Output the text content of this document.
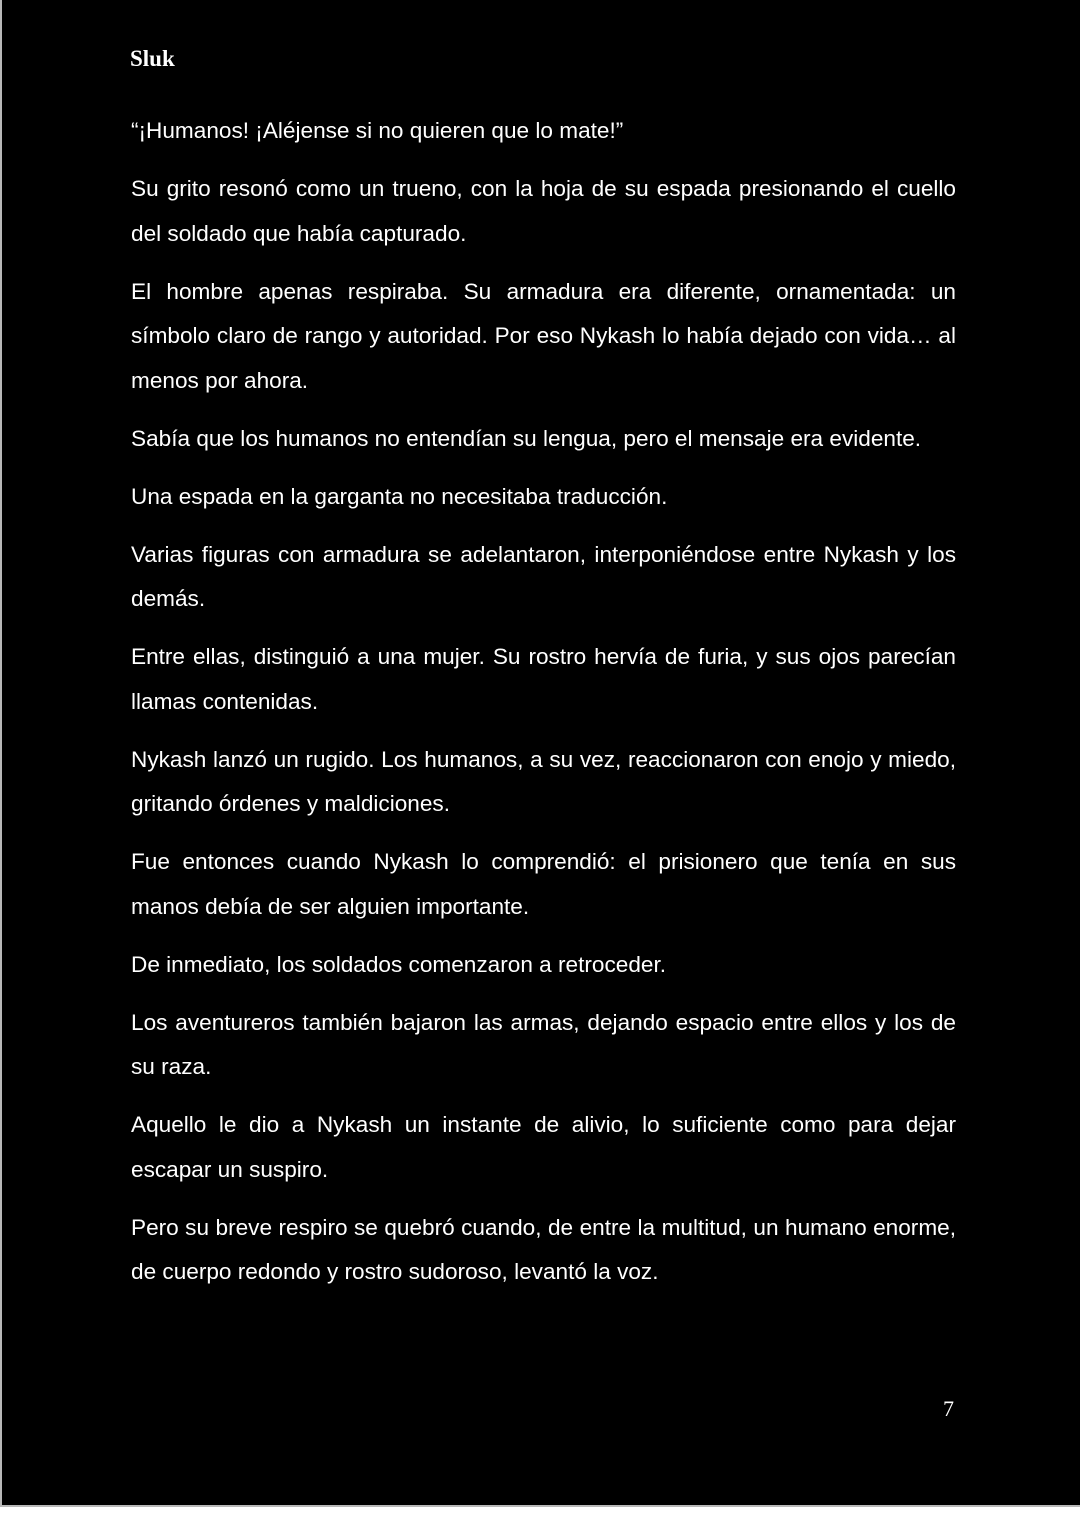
Sluk

“¡Humanos! ¡Aléjense si no quieren que lo mate!”

Su grito resonó como un trueno, con la hoja de su espada presionando el cuello del soldado que había capturado.

El hombre apenas respiraba. Su armadura era diferente, ornamentada: un símbolo claro de rango y autoridad. Por eso Nykash lo había dejado con vida… al menos por ahora.

Sabía que los humanos no entendían su lengua, pero el mensaje era evidente.

Una espada en la garganta no necesitaba traducción.

Varias figuras con armadura se adelantaron, interponiéndose entre Nykash y los demás.

Entre ellas, distinguió a una mujer. Su rostro hervía de furia, y sus ojos parecían llamas contenidas.

Nykash lanzó un rugido. Los humanos, a su vez, reaccionaron con enojo y miedo, gritando órdenes y maldiciones.

Fue entonces cuando Nykash lo comprendió: el prisionero que tenía en sus manos debía de ser alguien importante.

De inmediato, los soldados comenzaron a retroceder.

Los aventureros también bajaron las armas, dejando espacio entre ellos y los de su raza.

Aquello le dio a Nykash un instante de alivio, lo suficiente como para dejar escapar un suspiro.

Pero su breve respiro se quebró cuando, de entre la multitud, un humano enorme, de cuerpo redondo y rostro sudoroso, levantó la voz.

7
